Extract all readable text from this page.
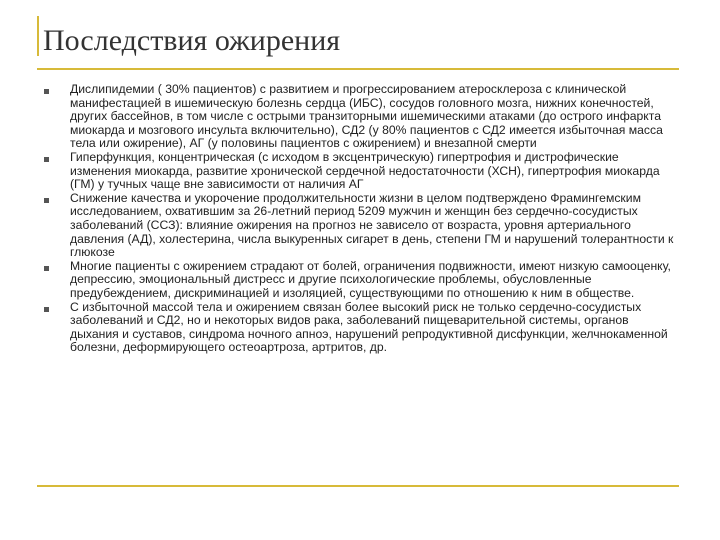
Последствия ожирения

Дислипидемии ( 30% пациентов) с развитием и прогрессированием атеросклероза с клинической манифестацией в ишемическую болезнь сердца (ИБС), сосудов головного мозга, нижних конечностей, других бассейнов, в том числе с острыми транзиторными ишемическими атаками (до острого инфаркта миокарда и мозгового инсульта включительно), СД2 (у 80% пациентов с СД2 имеется избыточная масса тела или ожирение), АГ (у половины пациентов с ожирением) и внезапной смерти

Гиперфункция, концентрическая (с исходом в эксцентрическую) гипертрофия и дистрофические изменения миокарда, развитие хронической сердечной недостаточности (ХСН), гипертрофия миокарда (ГМ) у тучных чаще вне зависимости от наличия АГ

Снижение качества и укорочение продолжительности жизни в целом подтверждено Фрамингемским исследованием, охватившим за 26-летний период 5209 мужчин и женщин без сердечно-сосудистых заболеваний (ССЗ): влияние ожирения на прогноз не зависело от возраста, уровня артериального давления (АД), холестерина, числа выкуренных сигарет в день, степени ГМ и нарушений толерантности к глюкозе

Многие пациенты с ожирением страдают от болей, ограничения подвижности, имеют низкую самооценку, депрессию, эмоциональный дистресс и другие психологические проблемы, обусловленные предубеждением, дискриминацией и изоляцией, существующими по отношению к ним в обществе.

С избыточной массой тела и ожирением связан более высокий риск не только сердечно-сосудистых заболеваний и СД2, но и некоторых видов рака, заболеваний пищеварительной системы, органов дыхания и суставов, синдрома ночного апноэ, нарушений репродуктивной дисфункции, желчнокаменной болезни, деформирующего остеоартроза, артритов, др.
